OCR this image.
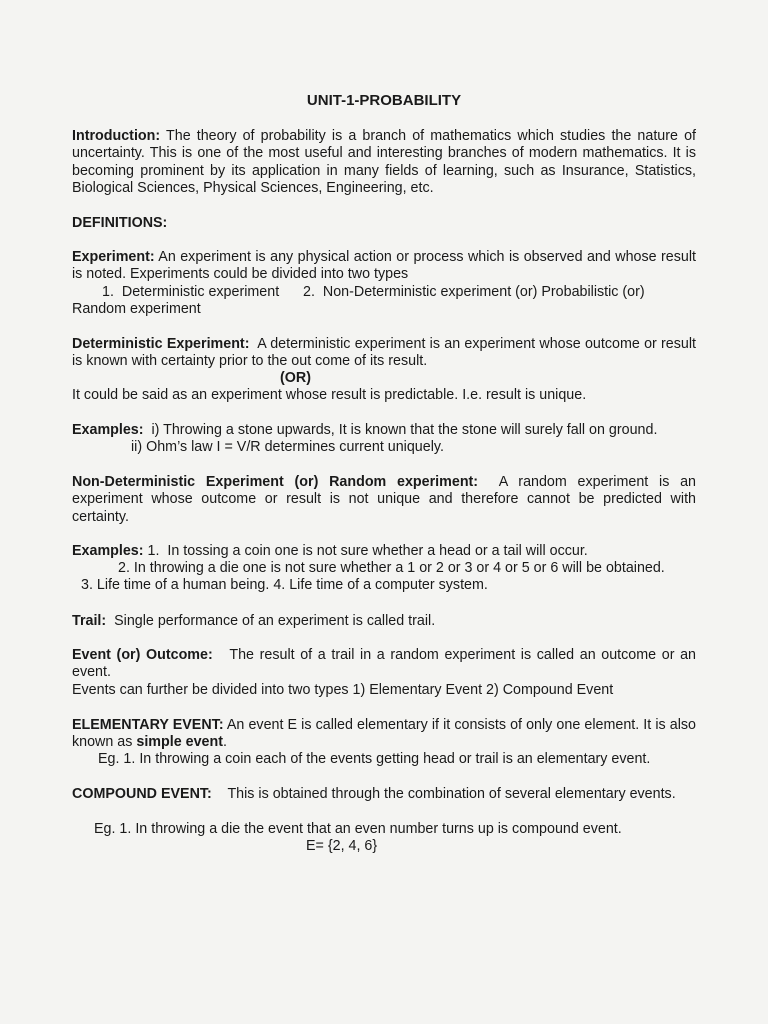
UNIT-1-PROBABILITY
Introduction: The theory of probability is a branch of mathematics which studies the nature of uncertainty. This is one of the most useful and interesting branches of modern mathematics. It is becoming prominent by its application in many fields of learning, such as Insurance, Statistics, Biological Sciences, Physical Sciences, Engineering, etc.
DEFINITIONS:
Experiment: An experiment is any physical action or process which is observed and whose result is noted. Experiments could be divided into two types
1.  Deterministic experiment      2.  Non-Deterministic experiment (or) Probabilistic (or)
Random experiment
Deterministic Experiment:  A deterministic experiment is an experiment whose outcome or result is known with certainty prior to the out come of its result.
(OR)
It could be said as an experiment whose result is predictable. I.e. result is unique.
Examples:  i) Throwing a stone upwards, It is known that the stone will surely fall on ground.
ii) Ohm’s law I = V/R determines current uniquely.
Non-Deterministic Experiment (or) Random experiment:  A random experiment is an experiment whose outcome or result is not unique and therefore cannot be predicted with certainty.
Examples: 1.  In tossing a coin one is not sure whether a head or a tail will occur.
2. In throwing a die one is not sure whether a 1 or 2 or 3 or 4 or 5 or 6 will be obtained.
3. Life time of a human being. 4. Life time of a computer system.
Trail:  Single performance of an experiment is called trail.
Event (or) Outcome:   The result of a trail in a random experiment is called an outcome or an event.
Events can further be divided into two types 1) Elementary Event 2) Compound Event
ELEMENTARY EVENT: An event E is called elementary if it consists of only one element. It is also known as simple event.
Eg. 1. In throwing a coin each of the events getting head or trail is an elementary event.
COMPOUND EVENT:    This is obtained through the combination of several elementary events.
Eg. 1. In throwing a die the event that an even number turns up is compound event.
E= {2, 4, 6}
